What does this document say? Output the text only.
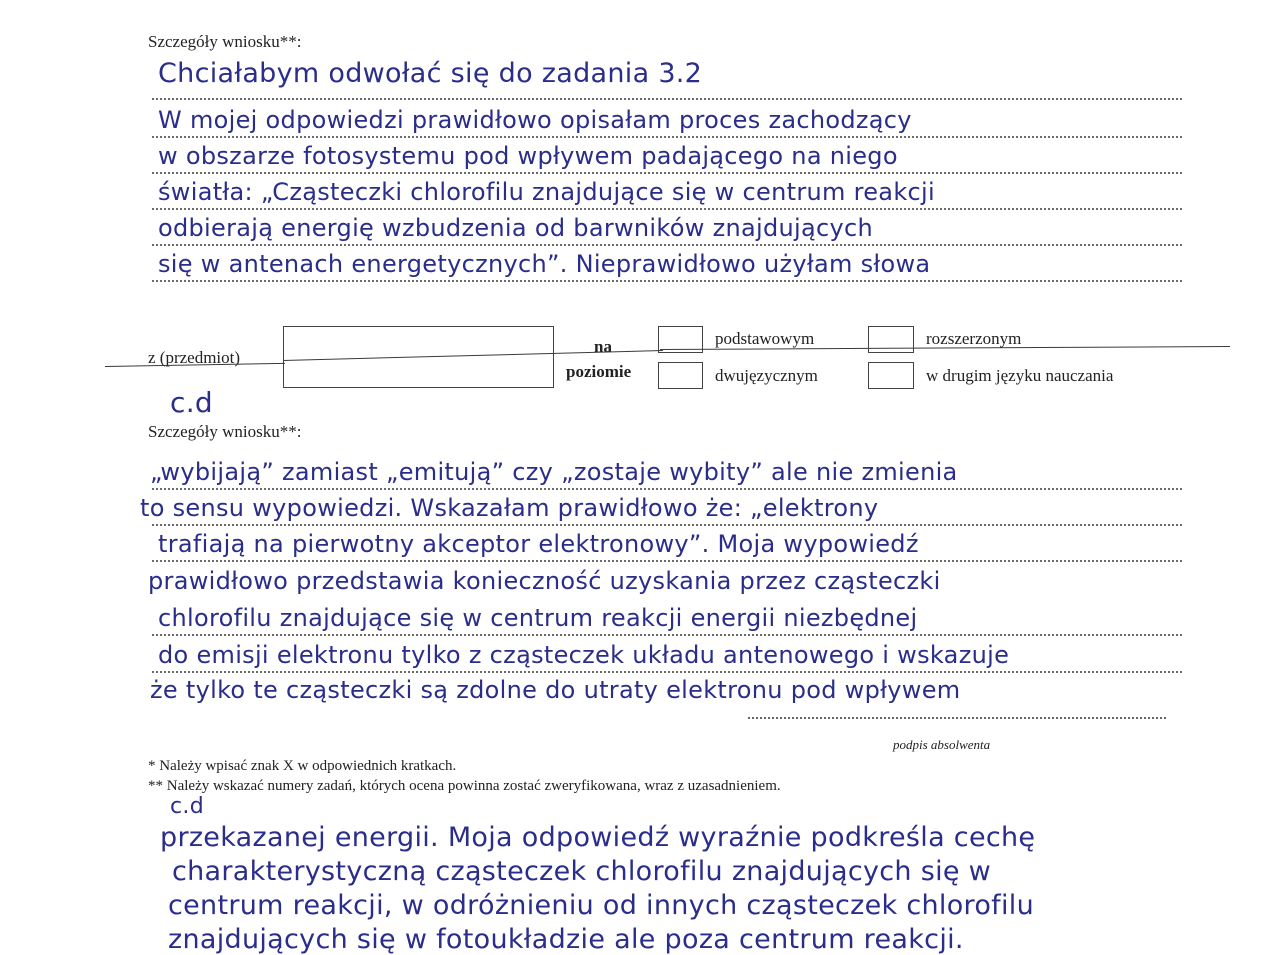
Szczegóły wniosku**:
Chciałabym odwołać się do zadania 3.2
W mojej odpowiedzi prawidłowo opisałam proces zachodzący
w obszarze fotosystemu pod wpływem padającego na niego
światła: „Cząsteczki chlorofilu znajdujące się w centrum reakcji
odbierają energię wzbudzenia od barwników znajdujących
się w antenach energetycznych”. Nieprawidłowo użyłam słowa
z (przedmiot)
na
poziomie
podstawowym	rozszerzonym
dwujęzycznym	w drugim języku nauczania
c.d
Szczegóły wniosku**:
„wybijają” zamiast „emitują” czy „zostaje wybity” ale nie zmienia
to sensu wypowiedzi. Wskazałam prawidłowo że: „elektrony
trafiają na pierwotny akceptor elektronowy”. Moja wypowiedź
prawidłowo przedstawia konieczność uzyskania przez cząsteczki
chlorofilu znajdujące się w centrum reakcji energii niezbędnej
do emisji elektronu tylko z cząsteczek układu antenowego i wskazuje
że tylko te cząsteczki są zdolne do utraty elektronu pod wpływem
podpis absolwenta
* Należy wpisać znak X w odpowiednich kratkach.
** Należy wskazać numery zadań, których ocena powinna zostać zweryfikowana, wraz z uzasadnieniem.
c.d
przekazanej energii. Moja odpowiedź wyraźnie podkreśla cechę
charakterystyczną cząsteczek chlorofilu znajdujących się w
centrum reakcji, w odróżnieniu od innych cząsteczek chlorofilu
znajdujących się w fotoukładzie ale poza centrum reakcji.
